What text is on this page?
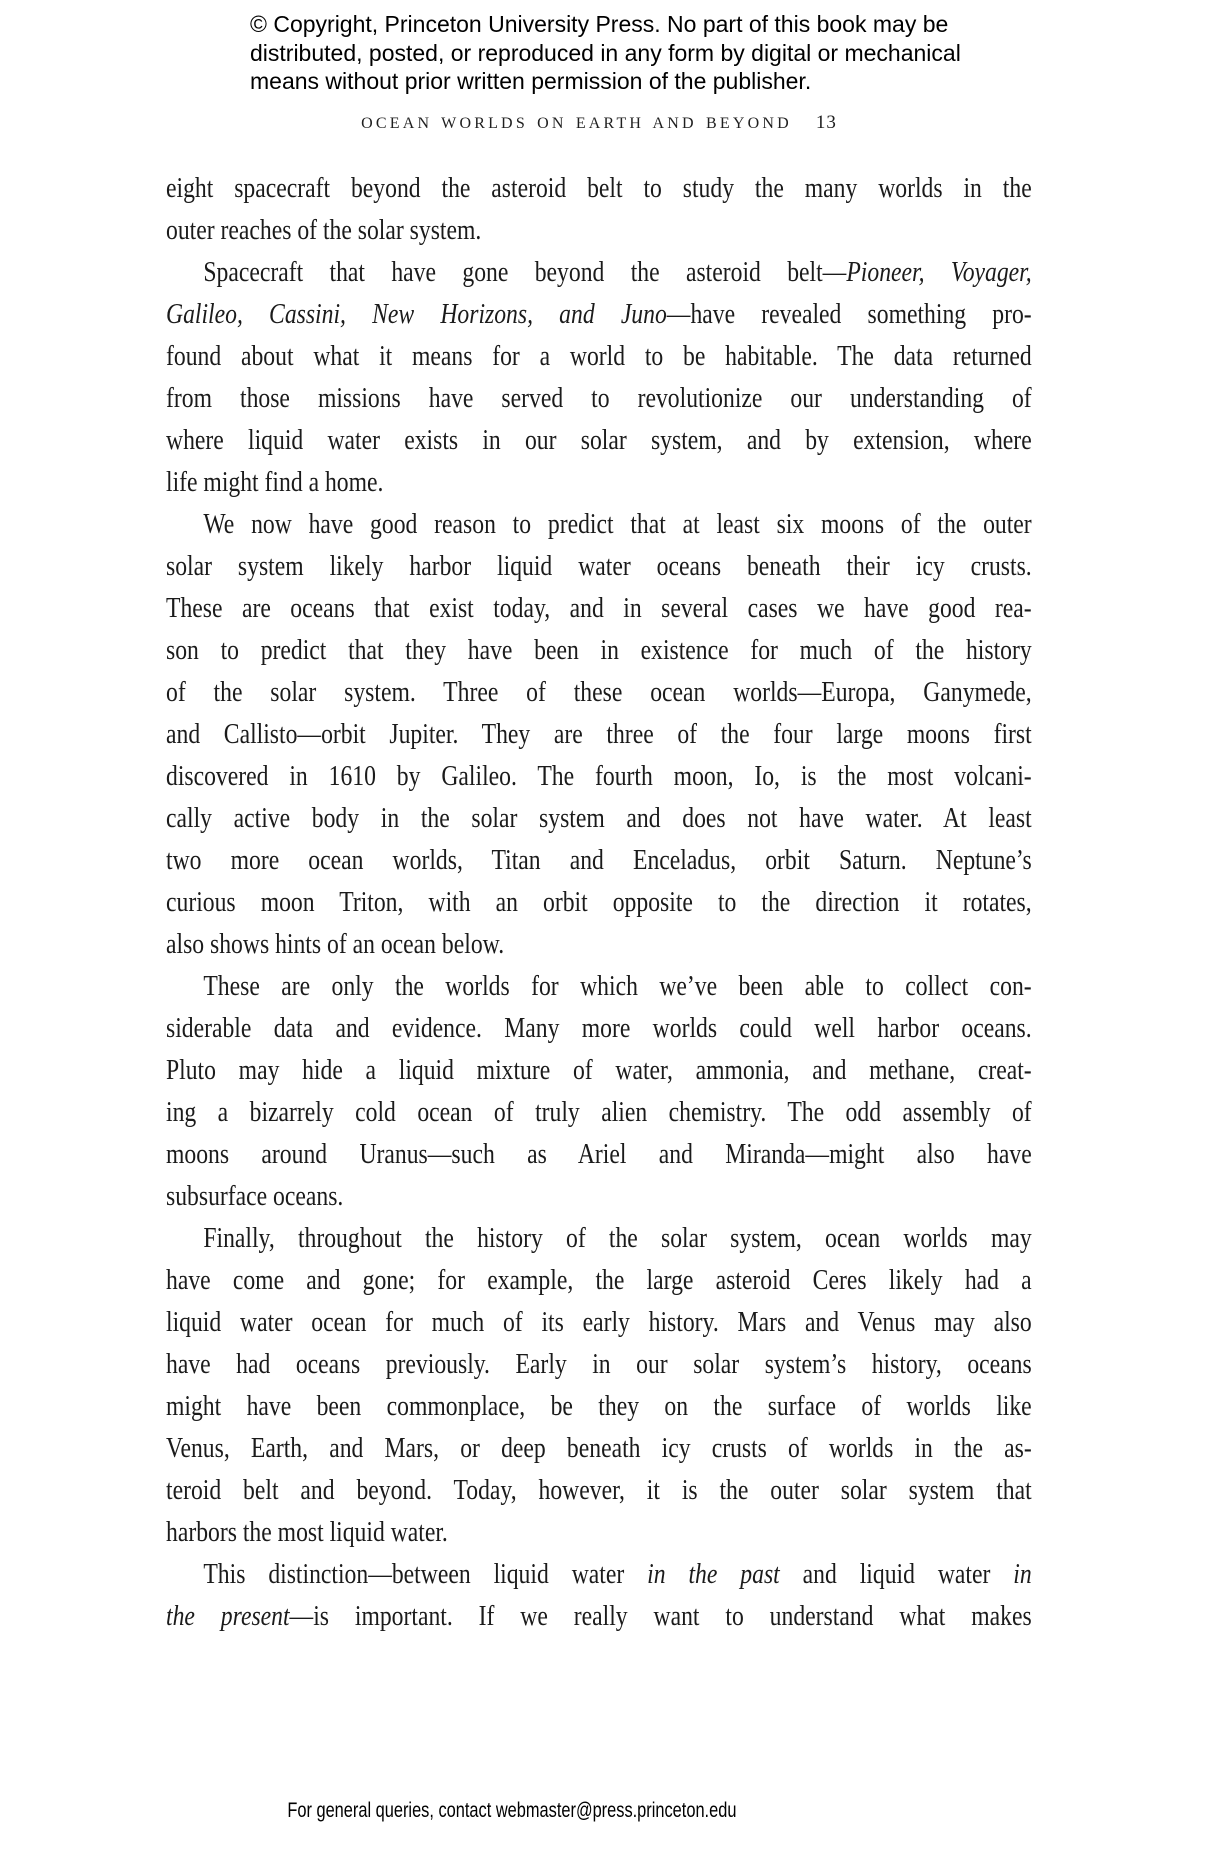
© Copyright, Princeton University Press. No part of this book may be
distributed, posted, or reproduced in any form by digital or mechanical
means without prior written permission of the publisher.
OCEAN WORLDS ON EARTH AND BEYOND 13
eight spacecraft beyond the asteroid belt to study the many worlds in the
outer reaches of the solar system.
Spacecraft that have gone beyond the asteroid belt—Pioneer, Voyager,
Galileo, Cassini, New Horizons, and Juno—have revealed something pro-
found about what it means for a world to be habitable. The data returned
from those missions have served to revolutionize our understanding of
where liquid water exists in our solar system, and by extension, where
life might find a home.
We now have good reason to predict that at least six moons of the outer
solar system likely harbor liquid water oceans beneath their icy crusts.
These are oceans that exist today, and in several cases we have good rea-
son to predict that they have been in existence for much of the history
of the solar system. Three of these ocean worlds—Europa, Ganymede,
and Callisto—orbit Jupiter. They are three of the four large moons first
discovered in 1610 by Galileo. The fourth moon, Io, is the most volcani-
cally active body in the solar system and does not have water. At least
two more ocean worlds, Titan and Enceladus, orbit Saturn. Neptune’s
curious moon Triton, with an orbit opposite to the direction it rotates,
also shows hints of an ocean below.
These are only the worlds for which we’ve been able to collect con-
siderable data and evidence. Many more worlds could well harbor oceans.
Pluto may hide a liquid mixture of water, ammonia, and methane, creat-
ing a bizarrely cold ocean of truly alien chemistry. The odd assembly of
moons around Uranus—such as Ariel and Miranda—might also have
subsurface oceans.
Finally, throughout the history of the solar system, ocean worlds may
have come and gone; for example, the large asteroid Ceres likely had a
liquid water ocean for much of its early history. Mars and Venus may also
have had oceans previously. Early in our solar system’s history, oceans
might have been commonplace, be they on the surface of worlds like
Venus, Earth, and Mars, or deep beneath icy crusts of worlds in the as-
teroid belt and beyond. Today, however, it is the outer solar system that
harbors the most liquid water.
This distinction—between liquid water in the past and liquid water in
the present—is important. If we really want to understand what makes
For general queries, contact webmaster@press.princeton.edu
